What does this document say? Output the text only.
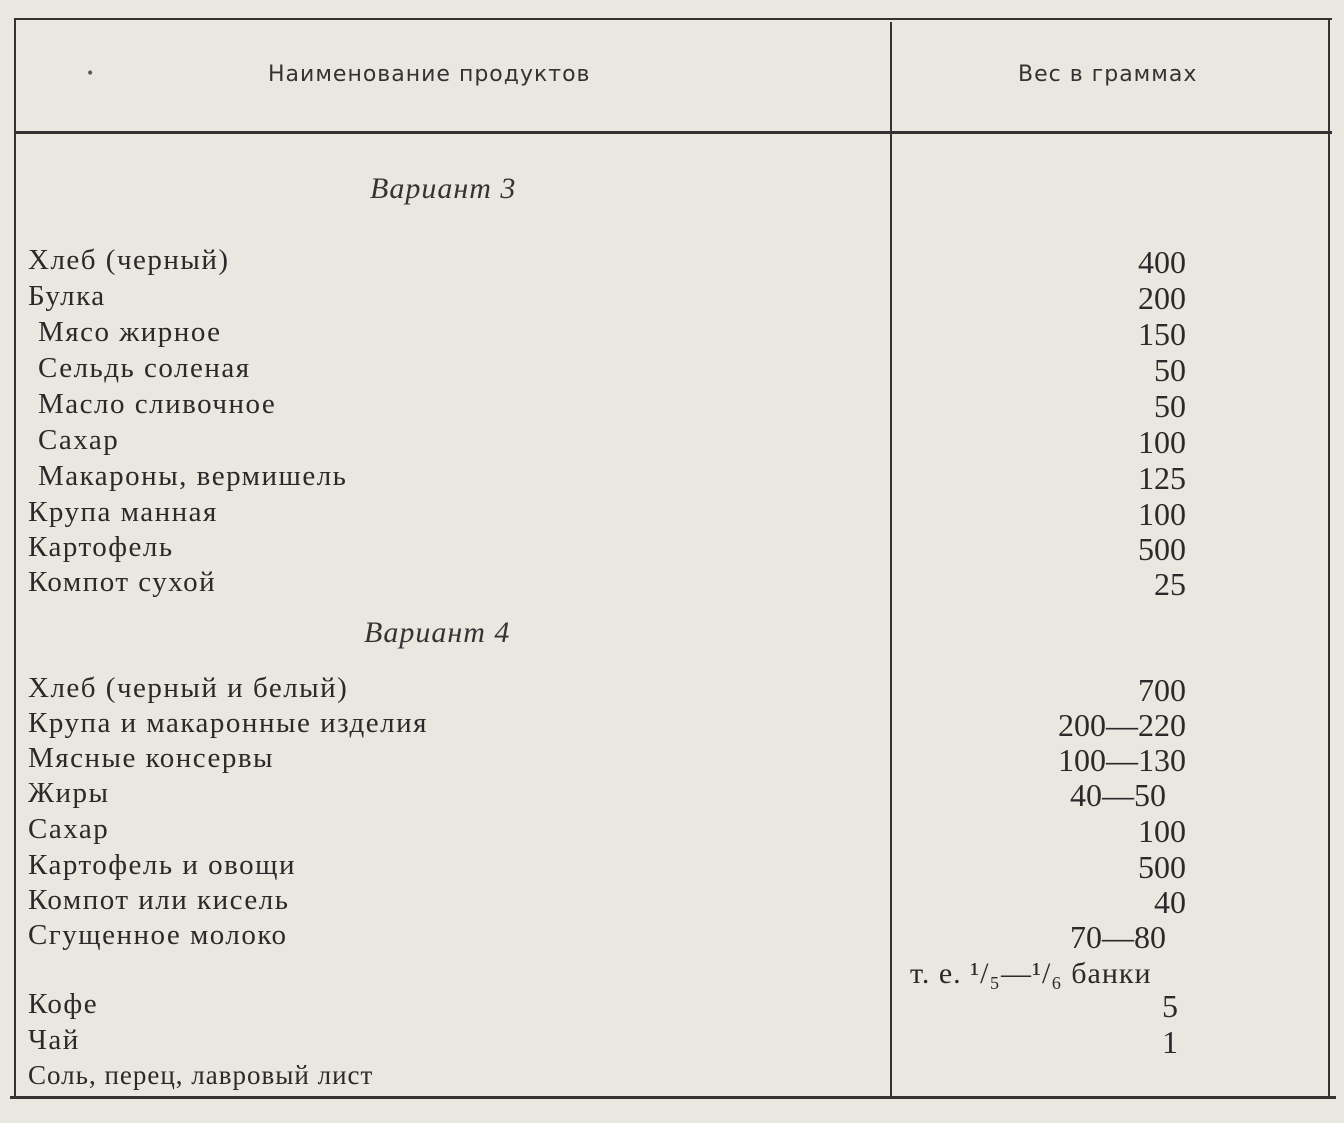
•	Наименование продуктов	Вес в граммах
Вариант 3
Хлеб (черный)	400
Булка	200
Мясо жирное	150
Сельдь соленая	50
Масло сливочное	50
Сахар	100
Макароны, вермишель	125
Крупа манная	100
Картофель	500
Компот сухой	25
Вариант 4
Хлеб (черный и белый)	700
Крупа и макаронные изделия	200—220
Мясные консервы	100—130
Жиры	40—50
Сахар	100
Картофель и овощи	500
Компот или кисель	40
Сгущенное молоко	70—80
т. е. ¹/₅—¹/₆ банки
Кофе	5
Чай	1
Соль, перец, лавровый лист
